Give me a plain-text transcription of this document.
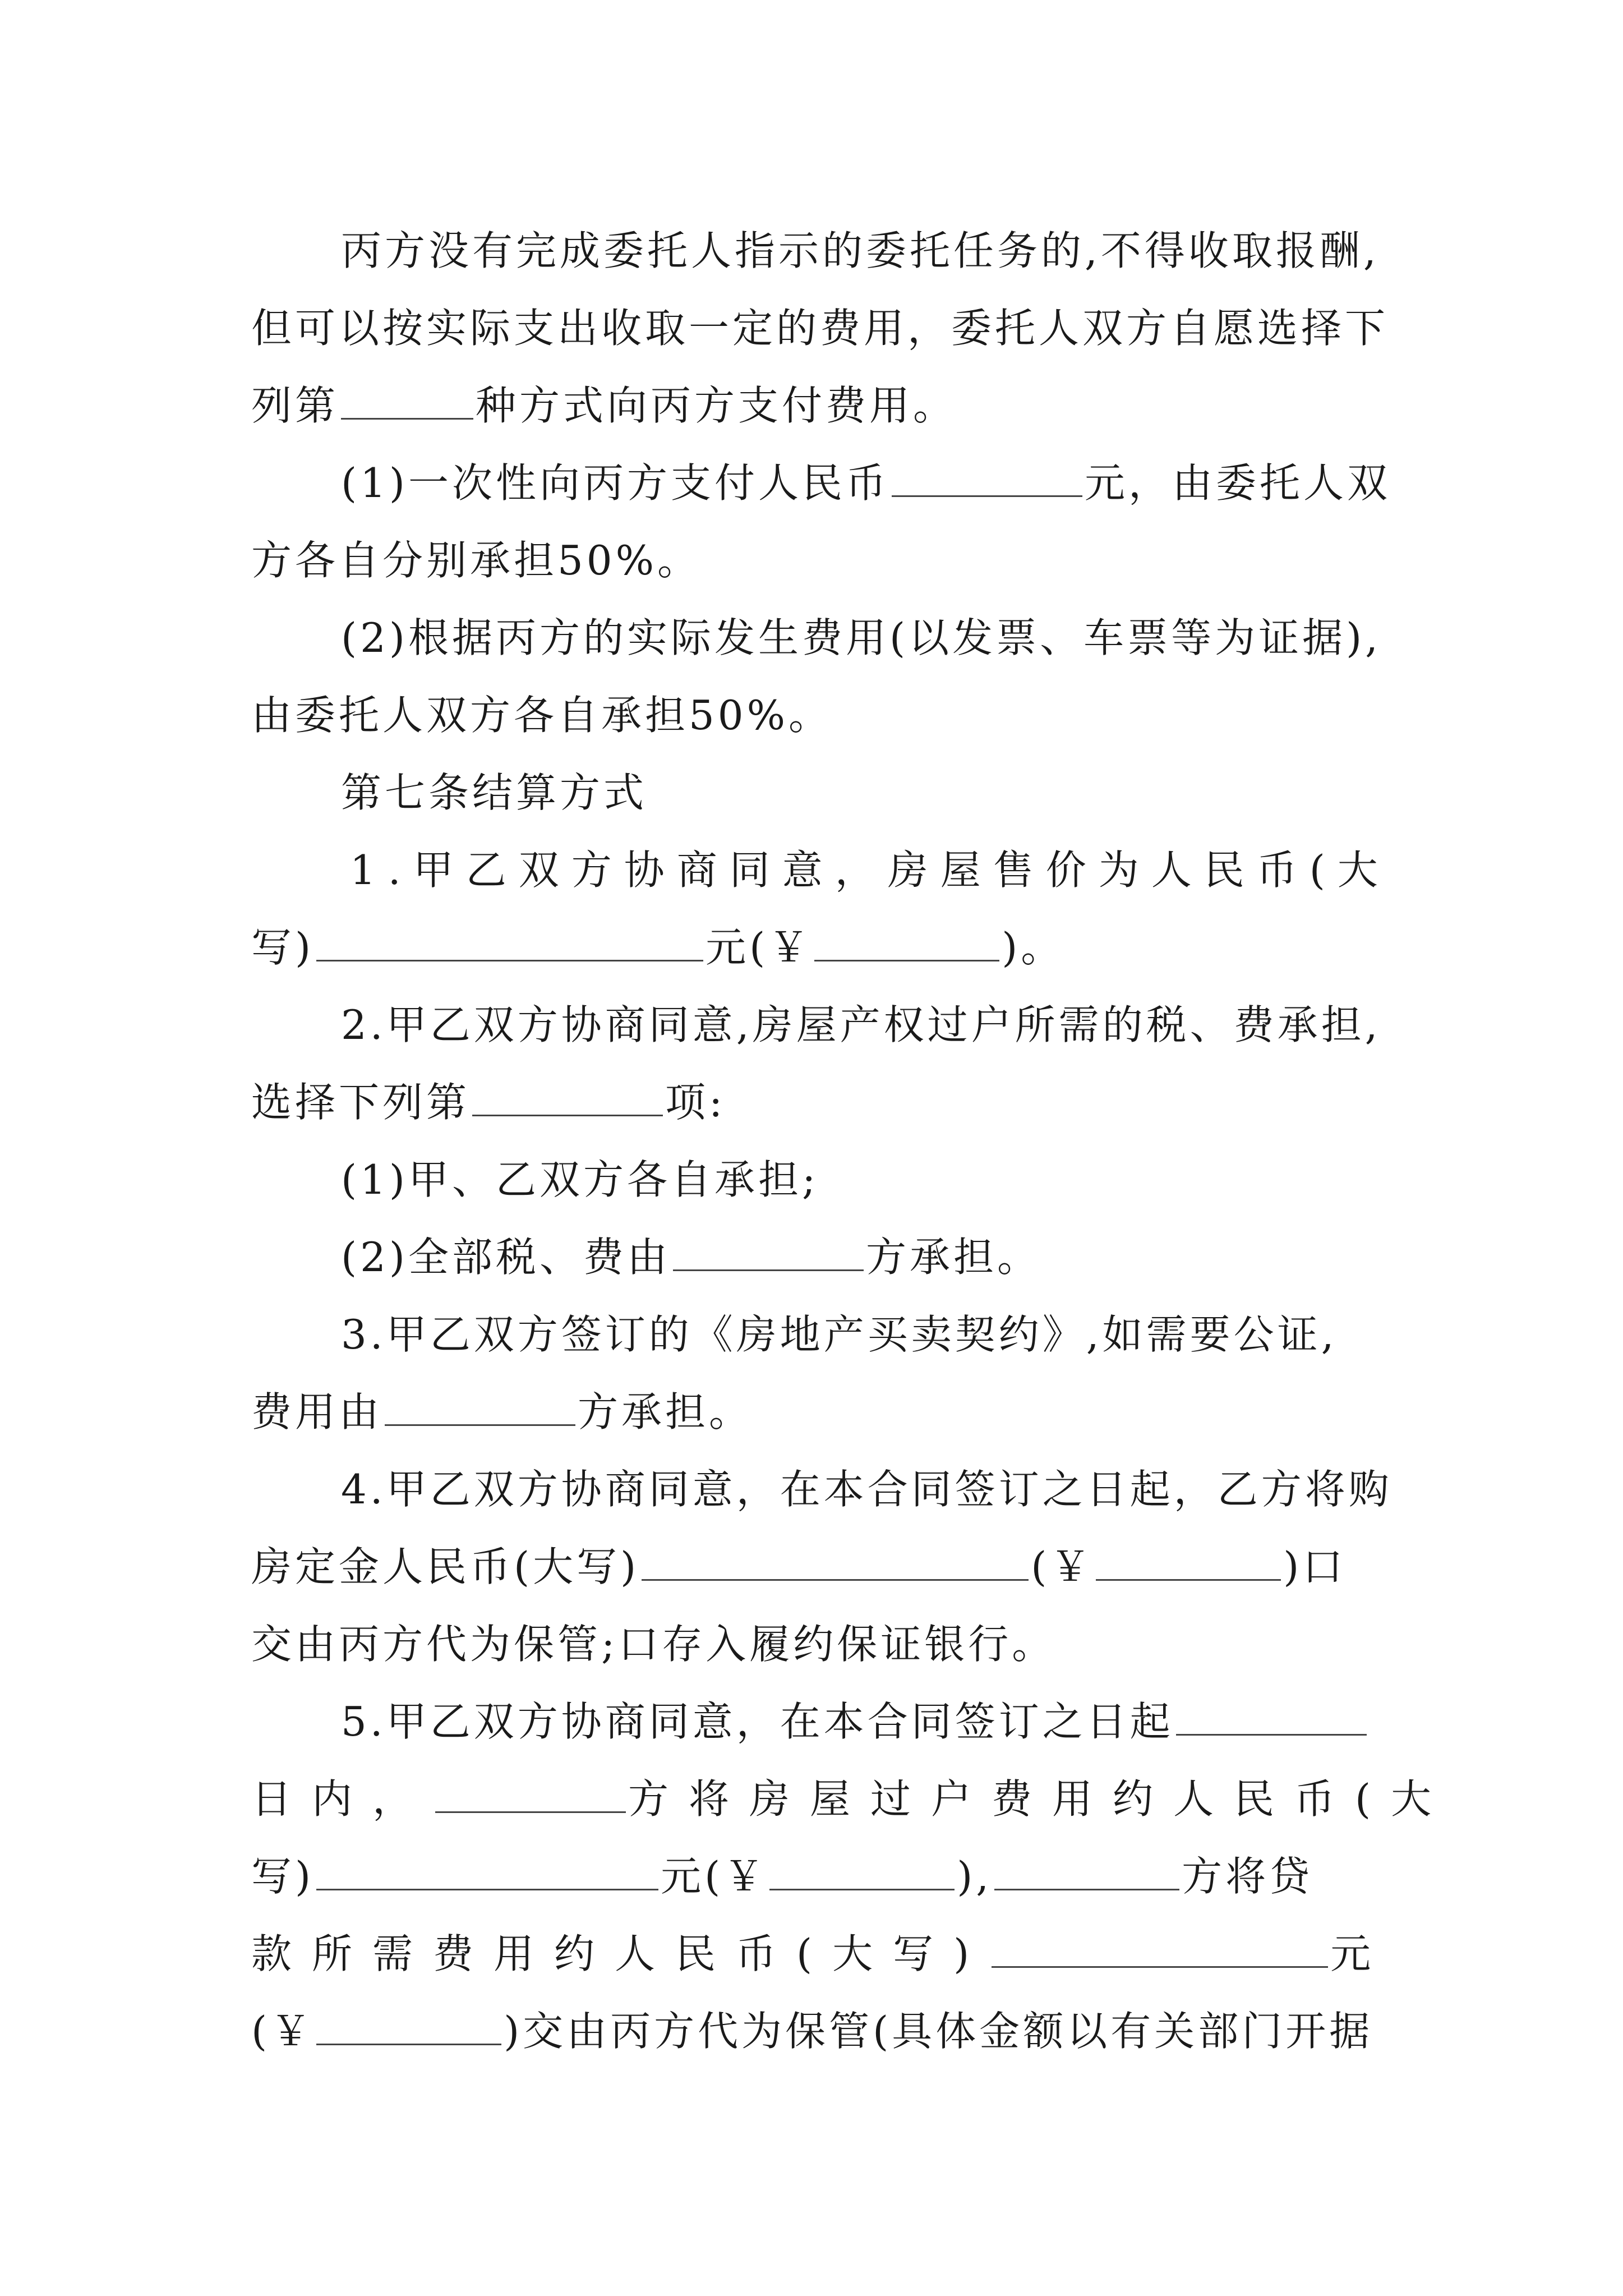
丙方没有完成委托人指示的委托任务的,不得收取报酬,
但可以按实际支出收取一定的费用，委托人双方自愿选择下
列第	种方式向丙方支付费用。
(1)一次性向丙方支付人民币	元，由委托人双
方各自分别承担50%。
(2)根据丙方的实际发生费用(以发票、车票等为证据),
由委托人双方各自承担50%。
第七条结算方式
1.甲乙双方协商同意，房屋售价为人民币(大
写)	元(￥	)。
2.甲乙双方协商同意,房屋产权过户所需的税、费承担,
选择下列第	项:
(1)甲、乙双方各自承担;
(2)全部税、费由	方承担。
3.甲乙双方签订的《房地产买卖契约》,如需要公证,
费用由	方承担。
4.甲乙双方协商同意，在本合同签订之日起，乙方将购
房定金人民币(大写)	(￥	)口
交由丙方代为保管;口存入履约保证银行。
5.甲乙双方协商同意，在本合同签订之日起
日内，	方将房屋过户费用约人民币(大
写)	元(￥	),	方将贷
款所需费用约人民币(大写)	元
(￥	)交由丙方代为保管(具体金额以有关部门开据
